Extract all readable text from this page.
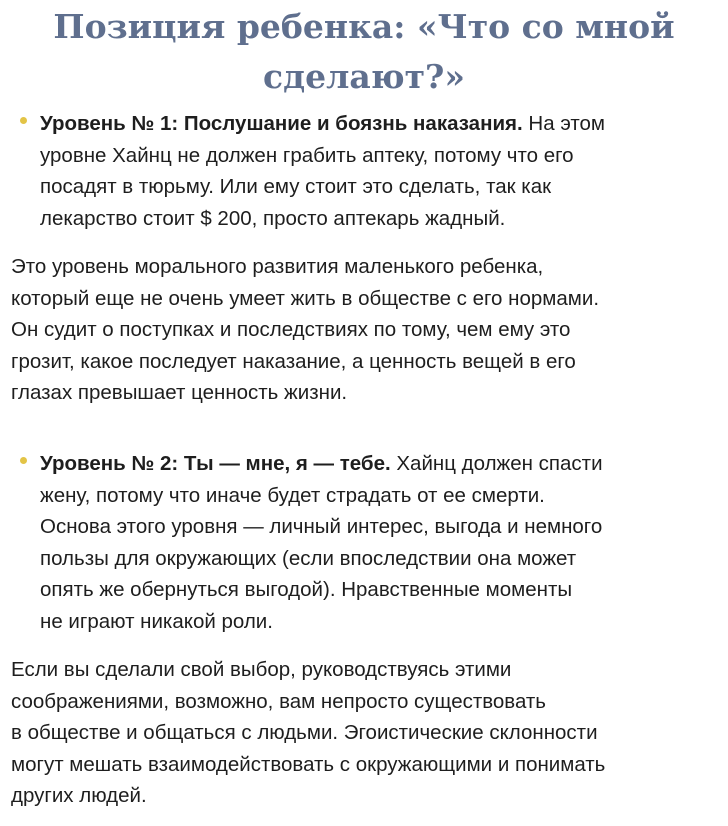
Позиция ребенка: «Что со мной
сделают?»
Уровень № 1: Послушание и боязнь наказания. На этом
уровне Хайнц не должен грабить аптеку, потому что его
посадят в тюрьму. Или ему стоит это сделать, так как
лекарство стоит $ 200, просто аптекарь жадный.
Это уровень морального развития маленького ребенка,
который еще не очень умеет жить в обществе с его нормами.
Он судит о поступках и последствиях по тому, чем ему это
грозит, какое последует наказание, а ценность вещей в его
глазах превышает ценность жизни.
Уровень № 2: Ты — мне, я — тебе. Хайнц должен спасти
жену, потому что иначе будет страдать от ее смерти.
Основа этого уровня — личный интерес, выгода и немного
пользы для окружающих (если впоследствии она может
опять же обернуться выгодой). Нравственные моменты
не играют никакой роли.
Если вы сделали свой выбор, руководствуясь этими
соображениями, возможно, вам непросто существовать
в обществе и общаться с людьми. Эгоистические склонности
могут мешать взаимодействовать с окружающими и понимать
других людей.
